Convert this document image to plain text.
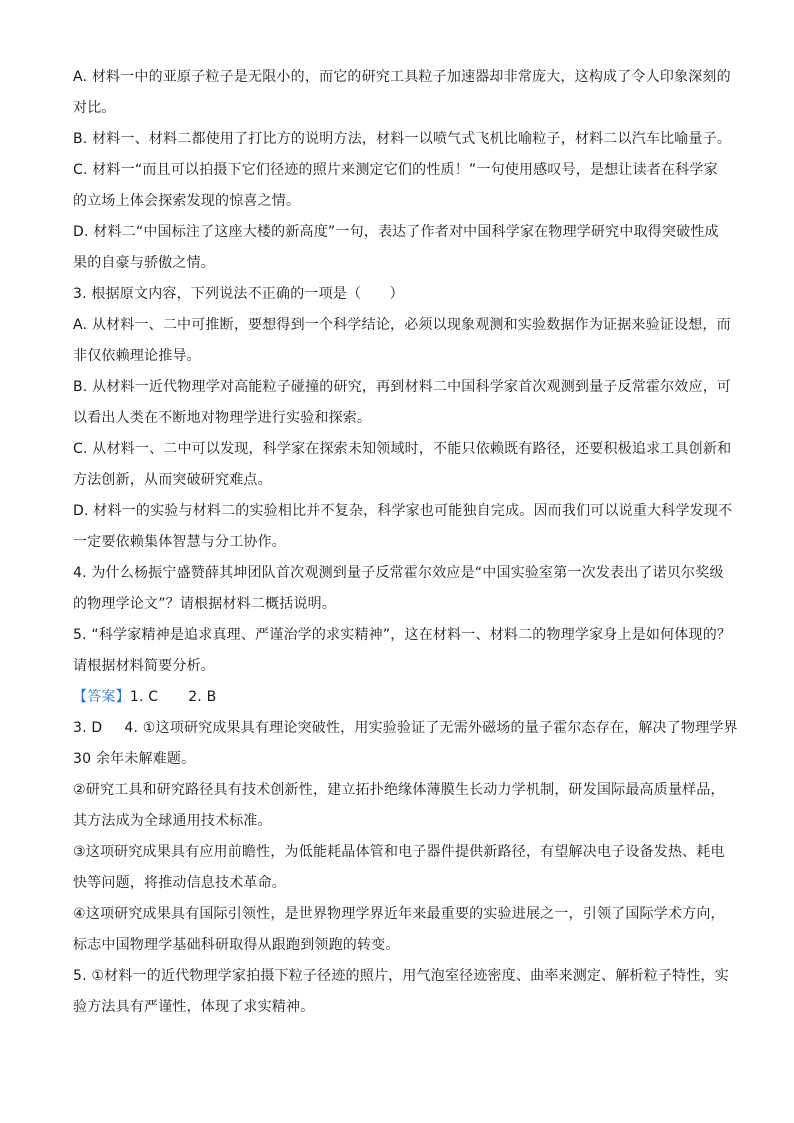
A. 材料一中的亚原子粒子是无限小的，而它的研究工具粒子加速器却非常庞大，这构成了令人印象深刻的
对比。
B. 材料一、材料二都使用了打比方的说明方法，材料一以喷气式飞机比喻粒子，材料二以汽车比喻量子。
C. 材料一“而且可以拍摄下它们径迹的照片来测定它们的性质！”一句使用感叹号，是想让读者在科学家
的立场上体会探索发现的惊喜之情。
D. 材料二“中国标注了这座大楼的新高度”一句，表达了作者对中国科学家在物理学研究中取得突破性成
果的自豪与骄傲之情。
3. 根据原文内容，下列说法不正确的一项是（　　）
A. 从材料一、二中可推断，要想得到一个科学结论，必须以现象观测和实验数据作为证据来验证设想，而
非仅依赖理论推导。
B. 从材料一近代物理学对高能粒子碰撞的研究，再到材料二中国科学家首次观测到量子反常霍尔效应，可
以看出人类在不断地对物理学进行实验和探索。
C. 从材料一、二中可以发现，科学家在探索未知领域时，不能只依赖既有路径，还要积极追求工具创新和
方法创新，从而突破研究难点。
D. 材料一的实验与材料二的实验相比并不复杂，科学家也可能独自完成。因而我们可以说重大科学发现不
一定要依赖集体智慧与分工协作。
4. 为什么杨振宁盛赞薛其坤团队首次观测到量子反常霍尔效应是“中国实验室第一次发表出了诺贝尔奖级
的物理学论文”？请根据材料二概括说明。
5. “科学家精神是追求真理、严谨治学的求实精神”，这在材料一、材料二的物理学家身上是如何体现的？
请根据材料简要分析。
【答案】1. C 2. B
3. D 4. ①这项研究成果具有理论突破性，用实验验证了无需外磁场的量子霍尔态存在，解决了物理学界
30 余年未解难题。
②研究工具和研究路径具有技术创新性，建立拓扑绝缘体薄膜生长动力学机制，研发国际最高质量样品，
其方法成为全球通用技术标准。
③这项研究成果具有应用前瞻性，为低能耗晶体管和电子器件提供新路径，有望解决电子设备发热、耗电
快等问题，将推动信息技术革命。
④这项研究成果具有国际引领性，是世界物理学界近年来最重要的实验进展之一，引领了国际学术方向，
标志中国物理学基础科研取得从跟跑到领跑的转变。
5. ①材料一的近代物理学家拍摄下粒子径迹的照片，用气泡室径迹密度、曲率来测定、解析粒子特性，实
验方法具有严谨性，体现了求实精神。
